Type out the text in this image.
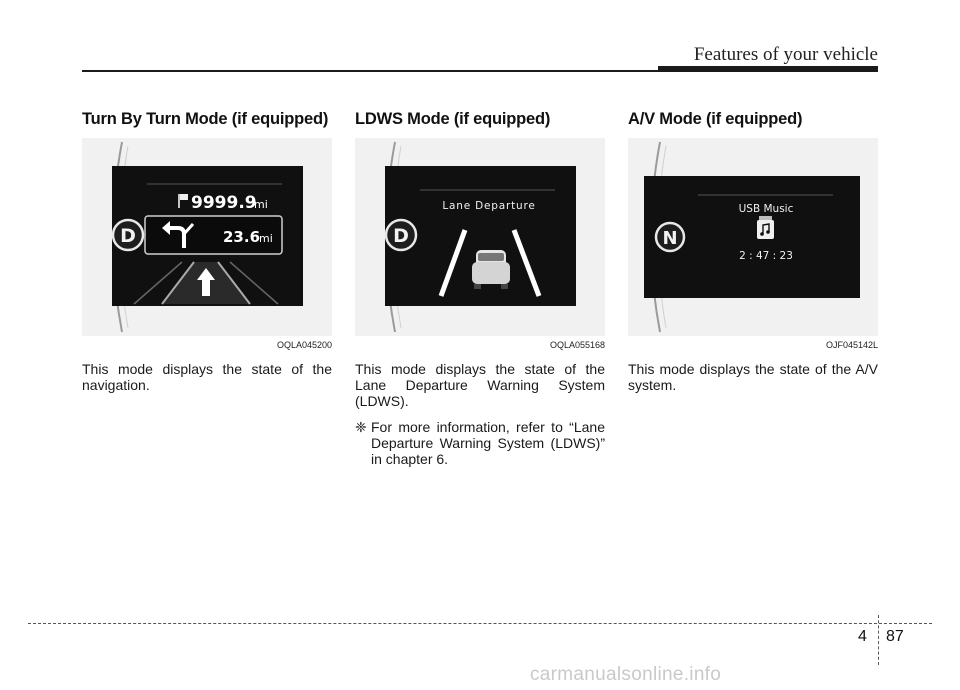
Features of your vehicle
Turn By Turn Mode (if equipped)
D
9999.9
mi
23.6
mi
OQLA045200
This mode displays the state of the navigation.
LDWS Mode (if equipped)
D
Lane Departure
OQLA055168
This mode displays the state of the Lane Departure Warning System (LDWS).
❈ For more information, refer to “Lane Departure Warning System (LDWS)” in chapter 6.
A/V Mode (if equipped)
N
USB Music
2 : 47 : 23
OJF045142L
This mode displays the state of the A/V system.
4 87
carmanualsonline.info
